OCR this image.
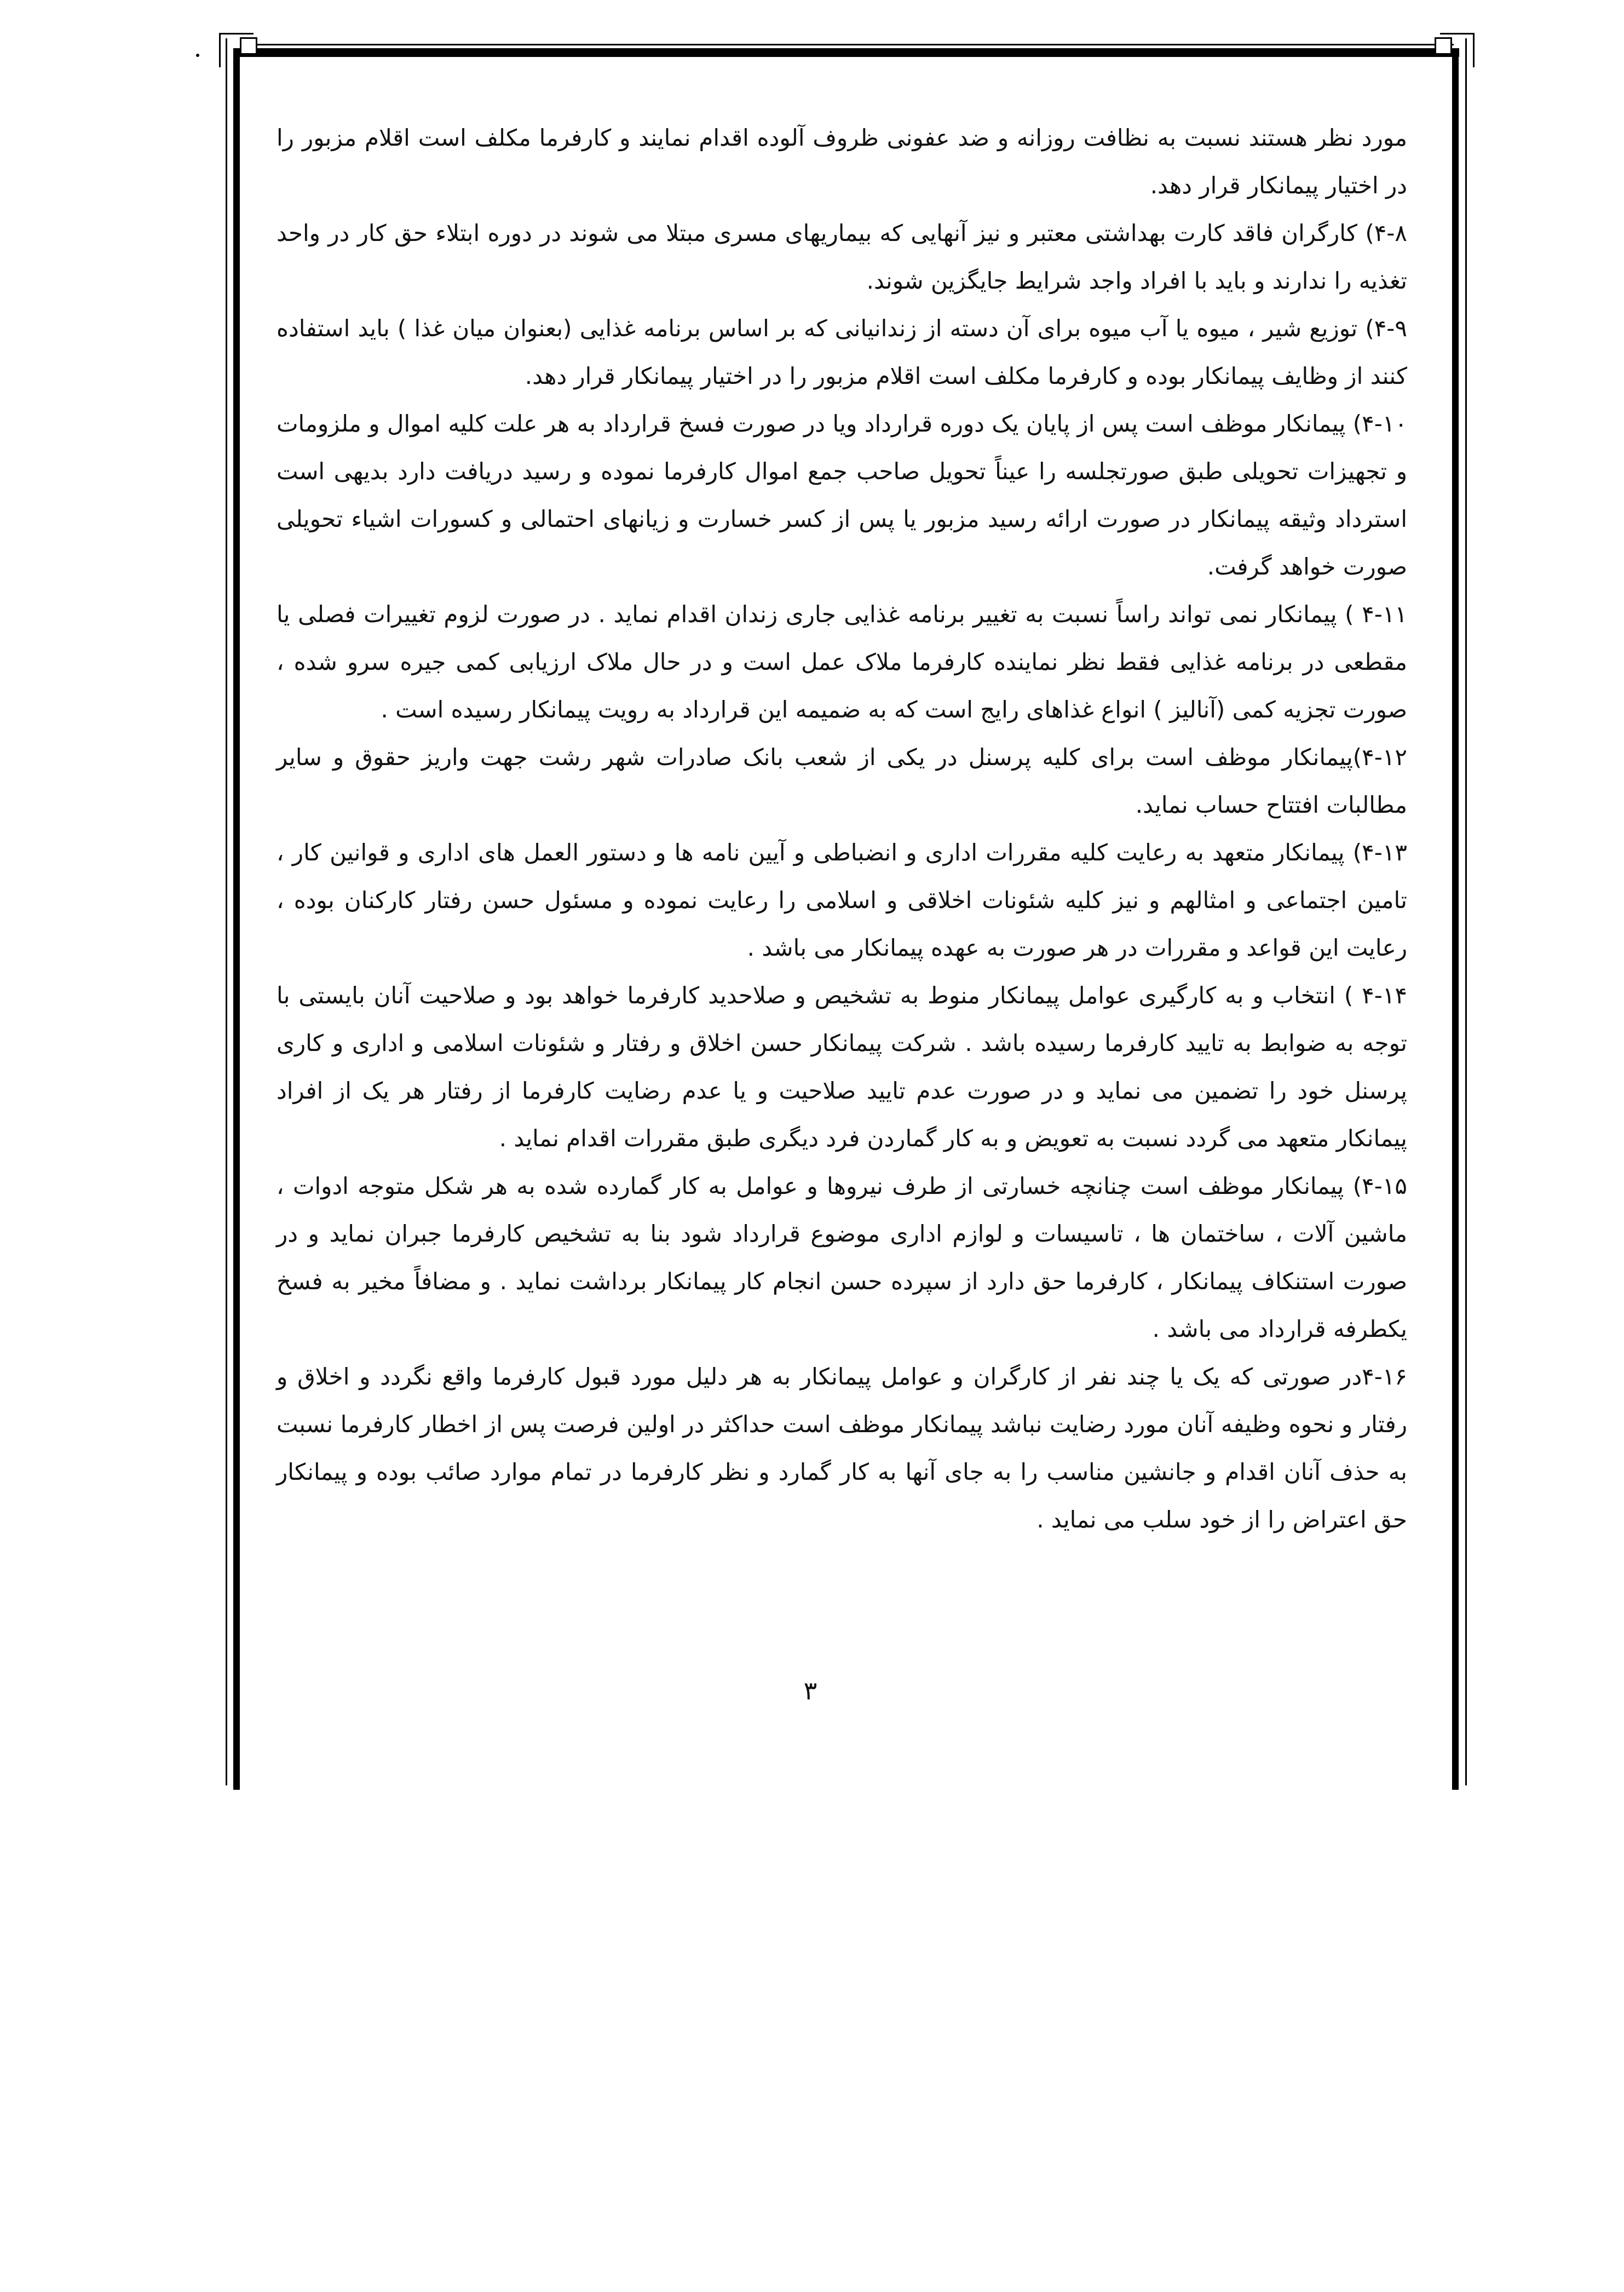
مورد نظر هستند نسبت به نظافت روزانه و ضد عفونی ظروف آلوده اقدام نمایند و کارفرما مکلف است اقلام مزبور را در اختیار پیمانکار قرار دهد.

۴-۸) کارگران فاقد کارت بهداشتی معتبر و نیز آنهایی که بیماریهای مسری مبتلا می شوند در دوره ابتلاء حق کار در واحد تغذیه را ندارند و باید با افراد واجد شرایط جایگزین شوند.

۴-۹) توزیع شیر ، میوه یا آب میوه برای آن دسته از زندانیانی که بر اساس برنامه غذایی (بعنوان میان غذا ) باید استفاده کنند از وظایف پیمانکار بوده و کارفرما مکلف است اقلام مزبور را در اختیار پیمانکار قرار دهد.

۴-۱۰) پیمانکار موظف است پس از پایان یک دوره قرارداد ویا در صورت فسخ قرارداد به هر علت کلیه اموال و ملزومات و تجهیزات تحویلی طبق صورتجلسه را عیناً تحویل صاحب جمع اموال کارفرما نموده و رسید دریافت دارد بدیهی است استرداد وثیقه پیمانکار در صورت ارائه رسید مزبور یا پس از کسر خسارت و زیانهای احتمالی و کسورات اشیاء تحویلی صورت خواهد گرفت.

۴-۱۱ ) پیمانکار نمی تواند راساً نسبت به تغییر برنامه غذایی جاری زندان اقدام نماید . در صورت لزوم تغییرات فصلی یا مقطعی در برنامه غذایی فقط نظر نماینده کارفرما ملاک عمل است و در حال ملاک ارزیابی کمی جیره سرو شده ، صورت تجزیه کمی (آنالیز ) انواع غذاهای رایج است که به ضمیمه این قرارداد به رویت پیمانکار رسیده است .

۴-۱۲)پیمانکار موظف است برای کلیه پرسنل در یکی از شعب بانک صادرات شهر رشت جهت واریز حقوق و سایر مطالبات افتتاح حساب نماید.

۴-۱۳) پیمانکار متعهد به رعایت کلیه مقررات اداری و انضباطی و آیین نامه ها و دستور العمل های اداری و قوانین کار ، تامین اجتماعی و امثالهم و نیز کلیه شئونات اخلاقی و اسلامی را رعایت نموده و مسئول حسن رفتار کارکنان بوده ، رعایت این قواعد و مقررات در هر صورت به عهده پیمانکار می باشد .

۴-۱۴ ) انتخاب و به کارگیری عوامل پیمانکار منوط به تشخیص و صلاحدید کارفرما خواهد بود و صلاحیت آنان بایستی با توجه به ضوابط به تایید کارفرما رسیده باشد . شرکت پیمانکار حسن اخلاق و رفتار و شئونات اسلامی و اداری و کاری پرسنل خود را تضمین می نماید و در صورت عدم تایید صلاحیت و یا عدم رضایت کارفرما از رفتار هر یک از افراد پیمانکار متعهد می گردد نسبت به تعویض و به کار گماردن فرد دیگری طبق مقررات اقدام نماید .

۴-۱۵) پیمانکار موظف است چنانچه خسارتی از طرف نیروها و عوامل به کار گمارده شده به هر شکل متوجه ادوات ، ماشین آلات ، ساختمان ها ، تاسیسات و لوازم اداری موضوع قرارداد شود بنا به تشخیص کارفرما جبران نماید و در صورت استنکاف پیمانکار ، کارفرما حق دارد از سپرده حسن انجام کار پیمانکار برداشت نماید . و مضافاً مخیر به فسخ یکطرفه قرارداد می باشد .

۴-۱۶در صورتی که یک یا چند نفر از کارگران و عوامل پیمانکار به هر دلیل مورد قبول کارفرما واقع نگردد و اخلاق و رفتار و نحوه وظیفه آنان مورد رضایت نباشد پیمانکار موظف است حداکثر در اولین فرصت پس از اخطار کارفرما نسبت به حذف آنان اقدام و جانشین مناسب را به جای آنها به کار گمارد و نظر کارفرما در تمام موارد صائب بوده و پیمانکار حق اعتراض را از خود سلب می نماید .

۳
